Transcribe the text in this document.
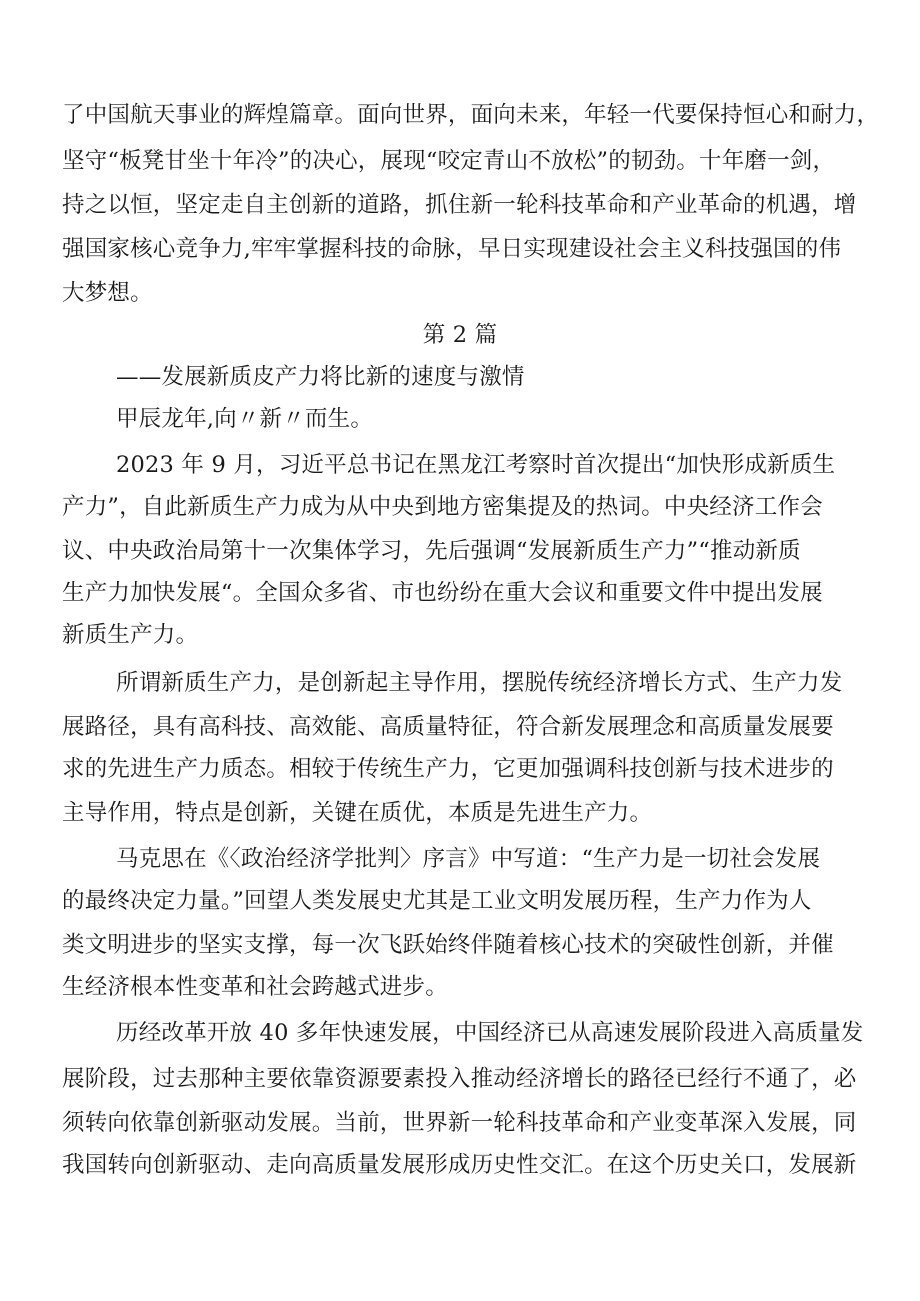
了中国航天事业的辉煌篇章。面向世界，面向未来，年轻一代要保持恒心和耐力，
坚守“板凳甘坐十年冷”的决心，展现“咬定青山不放松”的韧劲。十年磨一剑，
持之以恒，坚定走自主创新的道路，抓住新一轮科技革命和产业革命的机遇，增
强国家核心竞争力,牢牢掌握科技的命脉，早日实现建设社会主义科技强国的伟
大梦想。
第 2 篇
——发展新质皮产力将比新的速度与激情
甲辰龙年,向〃新〃而生。
2023 年 9 月，习近平总书记在黑龙江考察时首次提出“加快形成新质生
产力”，自此新质生产力成为从中央到地方密集提及的热词。中央经济工作会
议、中央政治局第十一次集体学习，先后强调“发展新质生产力”“推动新质
生产力加快发展“。全国众多省、市也纷纷在重大会议和重要文件中提出发展
新质生产力。
所谓新质生产力，是创新起主导作用，摆脱传统经济增长方式、生产力发
展路径，具有高科技、高效能、高质量特征，符合新发展理念和高质量发展要
求的先进生产力质态。相较于传统生产力，它更加强调科技创新与技术进步的
主导作用，特点是创新，关键在质优，本质是先进生产力。
马克思在《〈政治经济学批判〉序言》中写道：“生产力是一切社会发展
的最终决定力量。”回望人类发展史尤其是工业文明发展历程，生产力作为人
类文明进步的坚实支撑，每一次飞跃始终伴随着核心技术的突破性创新，并催
生经济根本性变革和社会跨越式进步。
历经改革开放 40 多年快速发展，中国经济已从高速发展阶段进入高质量发
展阶段，过去那种主要依靠资源要素投入推动经济增长的路径已经行不通了，必
须转向依靠创新驱动发展。当前，世界新一轮科技革命和产业变革深入发展，同
我国转向创新驱动、走向高质量发展形成历史性交汇。在这个历史关口，发展新
